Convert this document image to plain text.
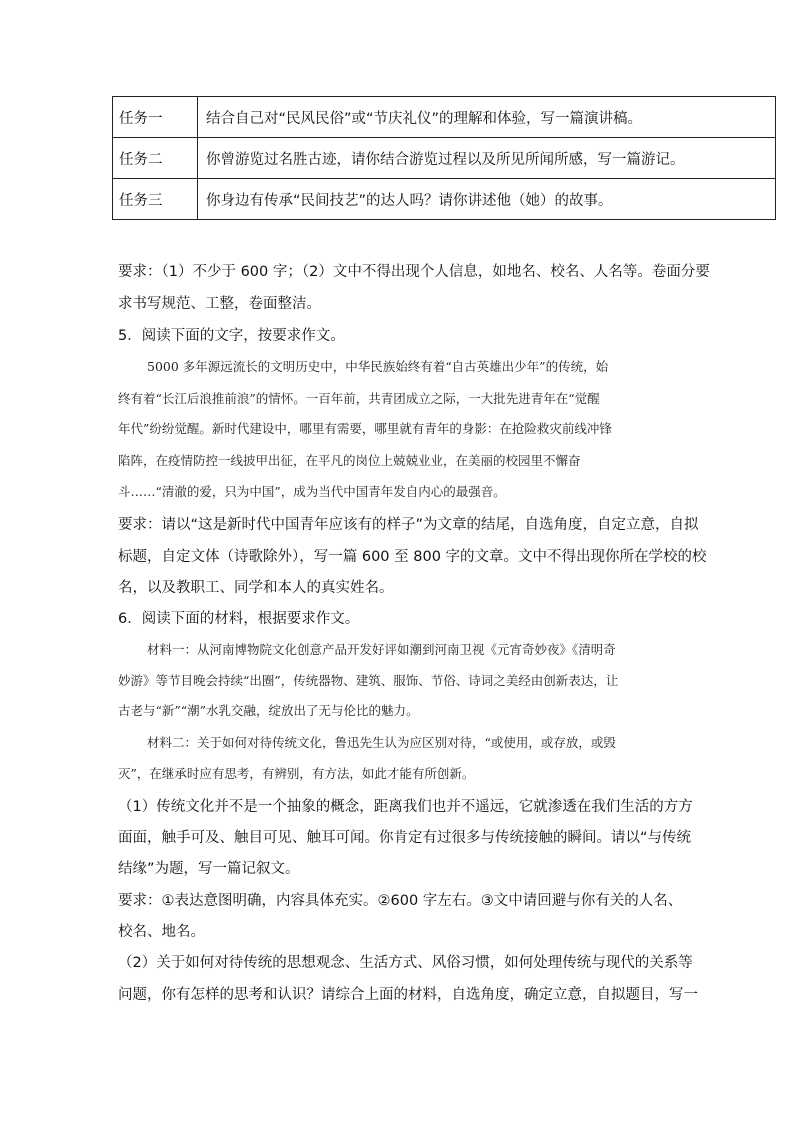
任务一	结合自己对“民风民俗”或“节庆礼仪”的理解和体验，写一篇演讲稿。
任务二	你曾游览过名胜古迹，请你结合游览过程以及所见所闻所感，写一篇游记。
任务三	你身边有传承“民间技艺”的达人吗？请你讲述他（她）的故事。
要求：（1）不少于 600 字；（2）文中不得出现个人信息，如地名、校名、人名等。卷面分要
求书写规范、工整，卷面整洁。
5．阅读下面的文字，按要求作文。
5000 多年源远流长的文明历史中，中华民族始终有着“自古英雄出少年”的传统，始
终有着“长江后浪推前浪”的情怀。一百年前，共青团成立之际，一大批先进青年在“觉醒
年代”纷纷觉醒。新时代建设中，哪里有需要，哪里就有青年的身影：在抢险救灾前线冲锋
陷阵，在疫情防控一线披甲出征，在平凡的岗位上兢兢业业，在美丽的校园里不懈奋
斗……“清澈的爱，只为中国”，成为当代中国青年发自内心的最强音。
要求：请以“这是新时代中国青年应该有的样子”为文章的结尾，自选角度，自定立意，自拟
标题，自定文体（诗歌除外），写一篇 600 至 800 字的文章。文中不得出现你所在学校的校
名，以及教职工、同学和本人的真实姓名。
6．阅读下面的材料，根据要求作文。
材料一：从河南博物院文化创意产品开发好评如潮到河南卫视《元宵奇妙夜》《清明奇
妙游》等节目晚会持续“出圈”，传统器物、建筑、服饰、节俗、诗词之美经由创新表达，让
古老与“新”“潮”水乳交融，绽放出了无与伦比的魅力。
材料二：关于如何对待传统文化，鲁迅先生认为应区别对待，“或使用，或存放，或毁
灭”，在继承时应有思考，有辨别，有方法，如此才能有所创新。
（1）传统文化并不是一个抽象的概念，距离我们也并不遥远，它就渗透在我们生活的方方
面面，触手可及、触目可见、触耳可闻。你肯定有过很多与传统接触的瞬间。请以“与传统
结缘”为题，写一篇记叙文。
要求：①表达意图明确，内容具体充实。②600 字左右。③文中请回避与你有关的人名、
校名、地名。
（2）关于如何对待传统的思想观念、生活方式、风俗习惯，如何处理传统与现代的关系等
问题，你有怎样的思考和认识？请综合上面的材料，自选角度，确定立意，自拟题目，写一
